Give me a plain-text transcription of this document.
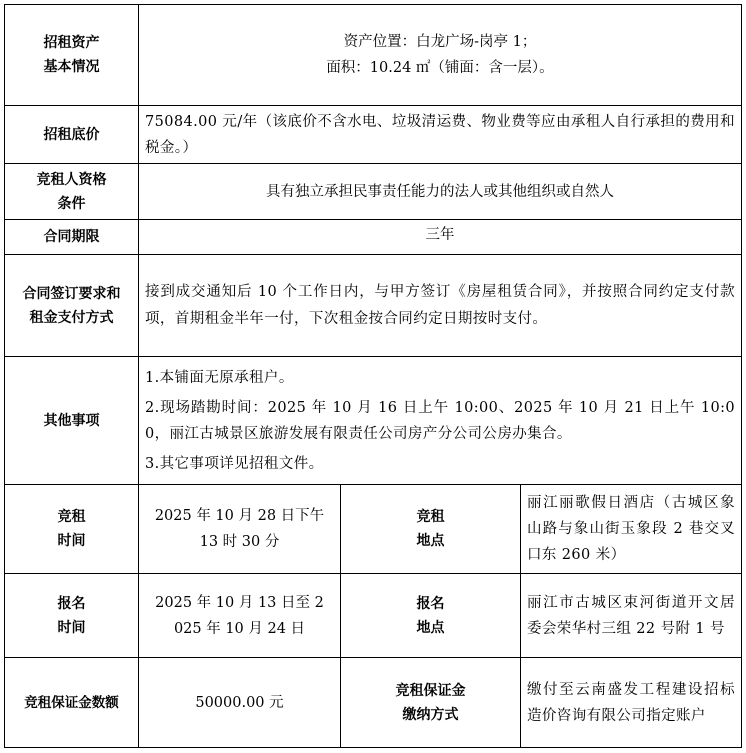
招租资产
基本情况	资产位置：白龙广场-岗亭 1；
面积：10.24 ㎡（铺面：含一层）。		

招租底价	75084.00 元/年（该底价不含水电、垃圾清运费、物业费等应由承租人自行承担的费用和税金。）		

竞租人资格
条件	具有独立承担民事责任能力的法人或其他组织或自然人		
合同期限	三年		

合同签订要求和
租金支付方式	接到成交通知后 10 个工作日内，与甲方签订《房屋租赁合同》，并按照合同约定支付款项，首期租金半年一付，下次租金按合同约定日期按时支付。		
其他事项	1.本铺面无原承租户。

2.现场踏勘时间：2025 年 10 月 16 日上午 10:00、2025 年 10 月 21 日上午 10:00，丽江古城景区旅游发展有限责任公司房产分公司公房办集合。

3.其它事项详见招租文件。		

竞租
时间	2025 年 10 月 28 日下午 13 时 30 分	竞租
地点	丽江丽歌假日酒店（古城区象山路与象山街玉象段 2 巷交叉口东 260 米）

报名
时间	2025 年 10 月 13 日至 2025 年 10 月 24 日	报名
地点	丽江市古城区束河街道开文居委会荣华村三组 22 号附 1 号
竞租保证金数额	50000.00 元	竞租保证金
缴纳方式	缴付至云南盛发工程建设招标造价咨询有限公司指定账户
